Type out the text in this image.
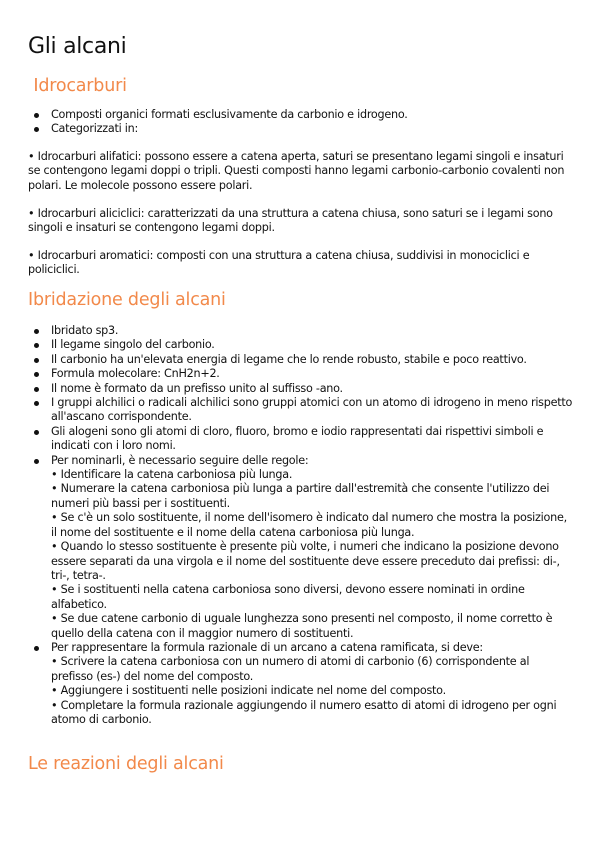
Gli alcani
Idrocarburi
Composti organici formati esclusivamente da carbonio e idrogeno.
Categorizzati in:

• Idrocarburi alifatici: possono essere a catena aperta, saturi se presentano legami singoli e insaturi se contengono legami doppi o tripli. Questi composti hanno legami carbonio-carbonio covalenti non polari. Le molecole possono essere polari.

• Idrocarburi aliciclici: caratterizzati da una struttura a catena chiusa, sono saturi se i legami sono singoli e insaturi se contengono legami doppi.

• Idrocarburi aromatici: composti con una struttura a catena chiusa, suddivisi in monociclici e policiclici.

Ibridazione degli alcani
Ibridato sp3.
Il legame singolo del carbonio.
Il carbonio ha un'elevata energia di legame che lo rende robusto, stabile e poco reattivo.
Formula molecolare: CnH2n+2.
Il nome è formato da un prefisso unito al suffisso -ano.
I gruppi alchilici o radicali alchilici sono gruppi atomici con un atomo di idrogeno in meno rispetto all'ascano corrispondente.
Gli alogeni sono gli atomi di cloro, fluoro, bromo e iodio rappresentati dai rispettivi simboli e indicati con i loro nomi.
Per nominarli, è necessario seguire delle regole:
• Identificare la catena carboniosa più lunga.
• Numerare la catena carboniosa più lunga a partire dall'estremità che consente l'utilizzo dei numeri più bassi per i sostituenti.
• Se c'è un solo sostituente, il nome dell'isomero è indicato dal numero che mostra la posizione, il nome del sostituente e il nome della catena carboniosa più lunga.
• Quando lo stesso sostituente è presente più volte, i numeri che indicano la posizione devono essere separati da una virgola e il nome del sostituente deve essere preceduto dai prefissi: di-, tri-, tetra-.
• Se i sostituenti nella catena carboniosa sono diversi, devono essere nominati in ordine alfabetico.
• Se due catene carbonio di uguale lunghezza sono presenti nel composto, il nome corretto è quello della catena con il maggior numero di sostituenti.
Per rappresentare la formula razionale di un arcano a catena ramificata, si deve:
• Scrivere la catena carboniosa con un numero di atomi di carbonio (6) corrispondente al prefisso (es-) del nome del composto.
• Aggiungere i sostituenti nelle posizioni indicate nel nome del composto.
• Completare la formula razionale aggiungendo il numero esatto di atomi di idrogeno per ogni atomo di carbonio.
Le reazioni degli alcani
